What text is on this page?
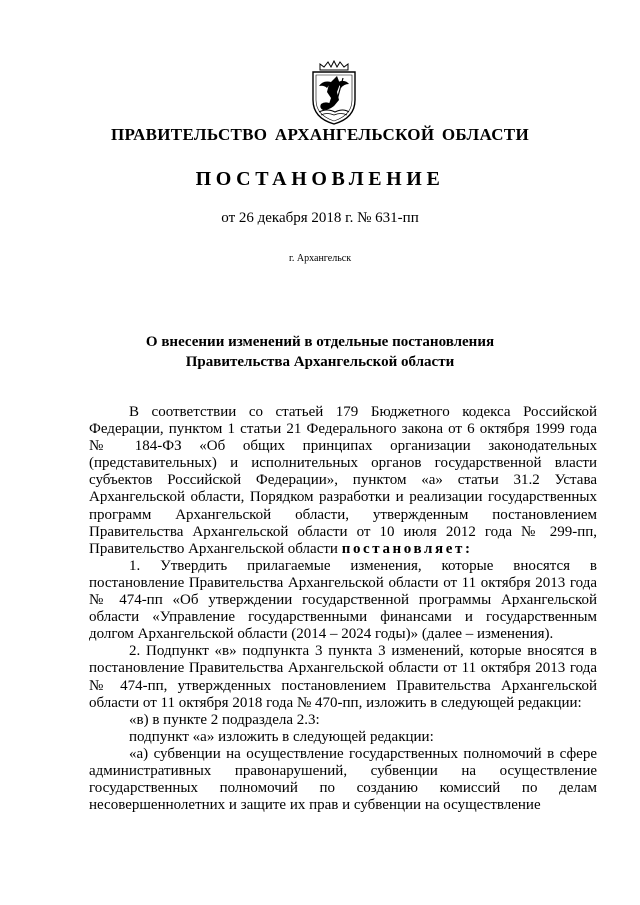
ПРАВИТЕЛЬСТВО АРХАНГЕЛЬСКОЙ ОБЛАСТИ
ПОСТАНОВЛЕНИЕ
от 26 декабря 2018 г. № 631-пп
г. Архангельск
О внесении изменений в отдельные постановления
Правительства Архангельской области

В соответствии со статьей 179 Бюджетного кодекса Российской Федерации, пунктом 1 статьи 21 Федерального закона от 6 октября 1999 года № 184-ФЗ «Об общих принципах организации законодательных (представительных) и исполнительных органов государственной власти субъектов Российской Федерации», пунктом «а» статьи 31.2 Устава Архангельской области, Порядком разработки и реализации государственных программ Архангельской области, утвержденным постановлением Правительства Архангельской области от 10 июля 2012 года № 299-пп, Правительство Архангельской области постановляет:

1. Утвердить прилагаемые изменения, которые вносятся в постановление Правительства Архангельской области от 11 октября 2013 года № 474-пп «Об утверждении государственной программы Архангельской области «Управление государственными финансами и государственным долгом Архангельской области (2014 – 2024 годы)» (далее – изменения).

2. Подпункт «в» подпункта 3 пункта 3 изменений, которые вносятся в постановление Правительства Архангельской области от 11 октября 2013 года № 474-пп, утвержденных постановлением Правительства Архангельской области от 11 октября 2018 года № 470-пп, изложить в следующей редакции:

«в) в пункте 2 подраздела 2.3:

подпункт «а» изложить в следующей редакции:

«а) субвенции на осуществление государственных полномочий в сфере административных правонарушений, субвенции на осуществление государственных полномочий по созданию комиссий по делам несовершеннолетних и защите их прав и субвенции на осуществление
